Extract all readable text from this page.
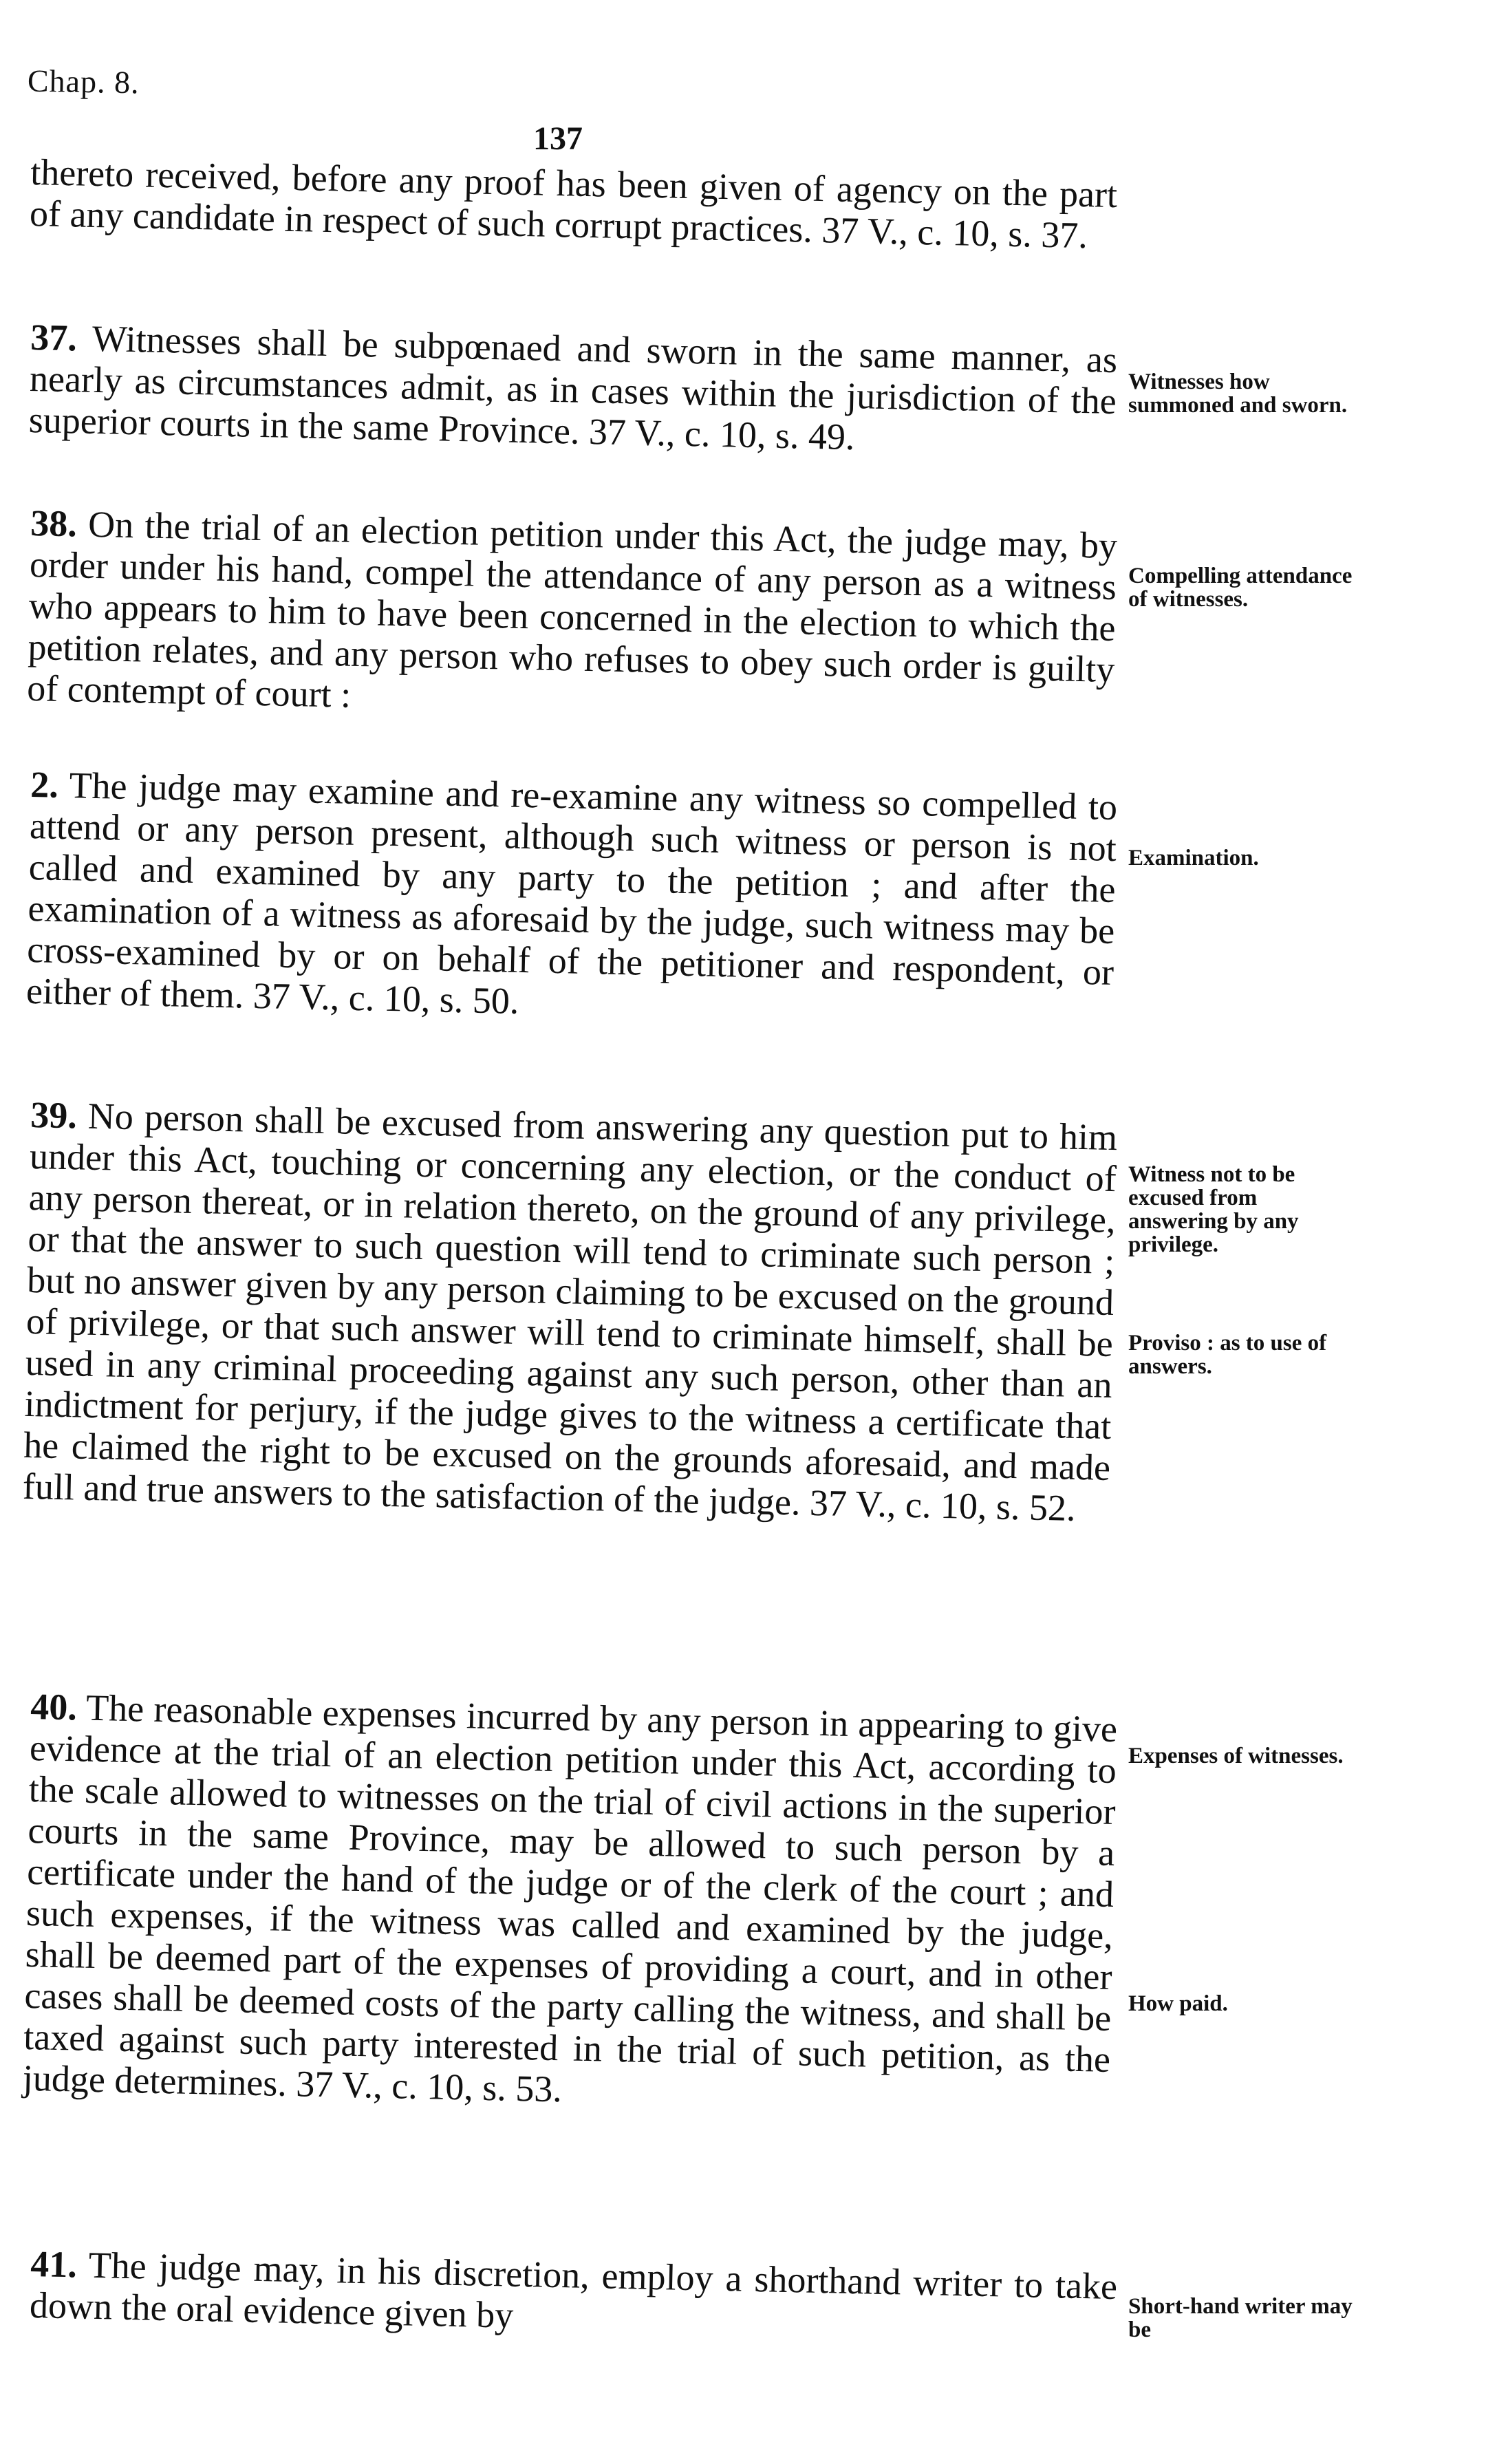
Chap. 8.
137

thereto received, before any proof has been given of agency on the part of any candidate in respect of such corrupt practices. 37 V., c. 10, s. 37.

37. Witnesses shall be subpœnaed and sworn in the same manner, as nearly as circumstances admit, as in cases within the jurisdiction of the superior courts in the same Province. 37 V., c. 10, s. 49.

38. On the trial of an election petition under this Act, the judge may, by order under his hand, compel the attendance of any person as a witness who appears to him to have been concerned in the election to which the petition relates, and any person who refuses to obey such order is guilty of contempt of court :

2. The judge may examine and re-examine any witness so compelled to attend or any person present, although such witness or person is not called and examined by any party to the petition ; and after the examination of a witness as aforesaid by the judge, such witness may be cross-examined by or on behalf of the petitioner and respondent, or either of them. 37 V., c. 10, s. 50.

39. No person shall be excused from answering any question put to him under this Act, touching or concerning any election, or the conduct of any person thereat, or in relation thereto, on the ground of any privilege, or that the answer to such question will tend to criminate such person ; but no answer given by any person claiming to be excused on the ground of privilege, or that such answer will tend to criminate himself, shall be used in any criminal proceeding against any such person, other than an indictment for perjury, if the judge gives to the witness a certificate that he claimed the right to be excused on the grounds aforesaid, and made full and true answers to the satisfaction of the judge. 37 V., c. 10, s. 52.

40. The reasonable expenses incurred by any person in appearing to give evidence at the trial of an election petition under this Act, according to the scale allowed to witnesses on the trial of civil actions in the superior courts in the same Province, may be allowed to such person by a certificate under the hand of the judge or of the clerk of the court ; and such expenses, if the witness was called and examined by the judge, shall be deemed part of the expenses of providing a court, and in other cases shall be deemed costs of the party calling the witness, and shall be taxed against such party interested in the trial of such petition, as the judge determines. 37 V., c. 10, s. 53.

41. The judge may, in his discretion, employ a shorthand writer to take down the oral evidence given by

Witnesses how summoned and sworn.
Compelling attendance of witnesses.
Examination.
Witness not to be excused from answering by any privilege.
Proviso : as to use of answers.
Expenses of witnesses.
How paid.
Short-hand writer may be
